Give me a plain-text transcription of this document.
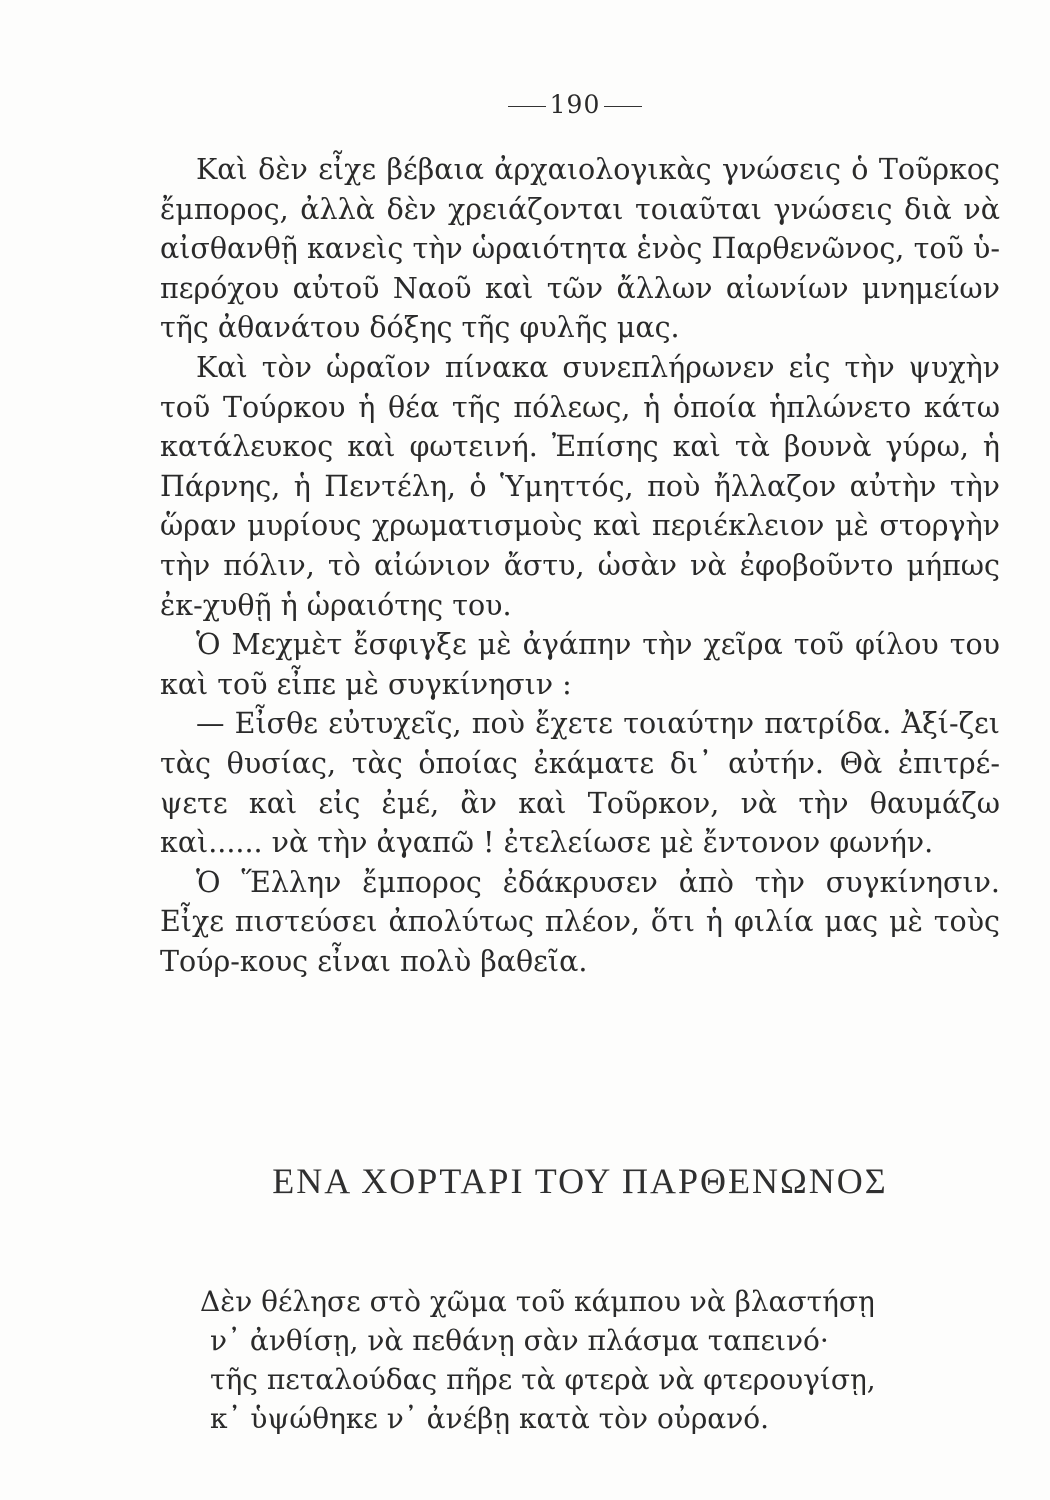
190

Καὶ δὲν εἶχε βέβαια ἀρχαιολογικὰς γνώσεις ὁ Τοῦρκος ἔμπορος, ἀλλὰ δὲν χρειάζονται τοιαῦται γνώσεις διὰ νὰ αἰσθανθῇ κανεὶς τὴν ὡραιότητα ἑνὸς Παρθενῶνος, τοῦ ὑ-περόχου αὐτοῦ Ναοῦ καὶ τῶν ἄλλων αἰωνίων μνημείων τῆς ἀθανάτου δόξης τῆς φυλῆς μας.

Καὶ τὸν ὡραῖον πίνακα συνεπλήρωνεν εἰς τὴν ψυχὴν τοῦ Τούρκου ἡ θέα τῆς πόλεως, ἡ ὁποία ἡπλώνετο κάτω κατάλευκος καὶ φωτεινή. Ἐπίσης καὶ τὰ βουνὰ γύρω, ἡ Πάρνης, ἡ Πεντέλη, ὁ Ὑμηττός, ποὺ ἤλλαζον αὐτὴν τὴν ὥραν μυρίους χρωματισμοὺς καὶ περιέκλειον μὲ στοργὴν τὴν πόλιν, τὸ αἰώνιον ἄστυ, ὡσὰν νὰ ἐφοβοῦντο μήπως ἐκ-χυθῇ ἡ ὡραιότης του.

Ὁ Μεχμὲτ ἔσφιγξε μὲ ἀγάπην τὴν χεῖρα τοῦ φίλου του καὶ τοῦ εἶπε μὲ συγκίνησιν :

— Εἶσθε εὐτυχεῖς, ποὺ ἔχετε τοιαύτην πατρίδα. Ἀξί-ζει τὰς θυσίας, τὰς ὁποίας ἐκάματε δι᾽ αὐτήν. Θὰ ἐπιτρέ-ψετε καὶ εἰς ἐμέ, ἂν καὶ Τοῦρκον, νὰ τὴν θαυμάζω καὶ...... νὰ τὴν ἀγαπῶ ! ἐτελείωσε μὲ ἔντονον φωνήν.

Ὁ Ἕλλην ἔμπορος ἐδάκρυσεν ἀπὸ τὴν συγκίνησιν. Εἶχε πιστεύσει ἀπολύτως πλέον, ὅτι ἡ φιλία μας μὲ τοὺς Τούρ-κους εἶναι πολὺ βαθεῖα.

ΕΝΑ ΧΟΡΤΑΡΙ ΤΟΥ ΠΑΡΘΕΝΩΝΟΣ
Δὲν θέλησε στὸ χῶμα τοῦ κάμπου νὰ βλαστήσῃ
ν᾽ ἀνθίσῃ, νὰ πεθάνῃ σὰν πλάσμα ταπεινό·
τῆς πεταλούδας πῆρε τὰ φτερὰ νὰ φτερουγίσῃ,
κ᾽ ὑψώθηκε ν᾽ ἀνέβῃ κατὰ τὸν οὐρανό.
